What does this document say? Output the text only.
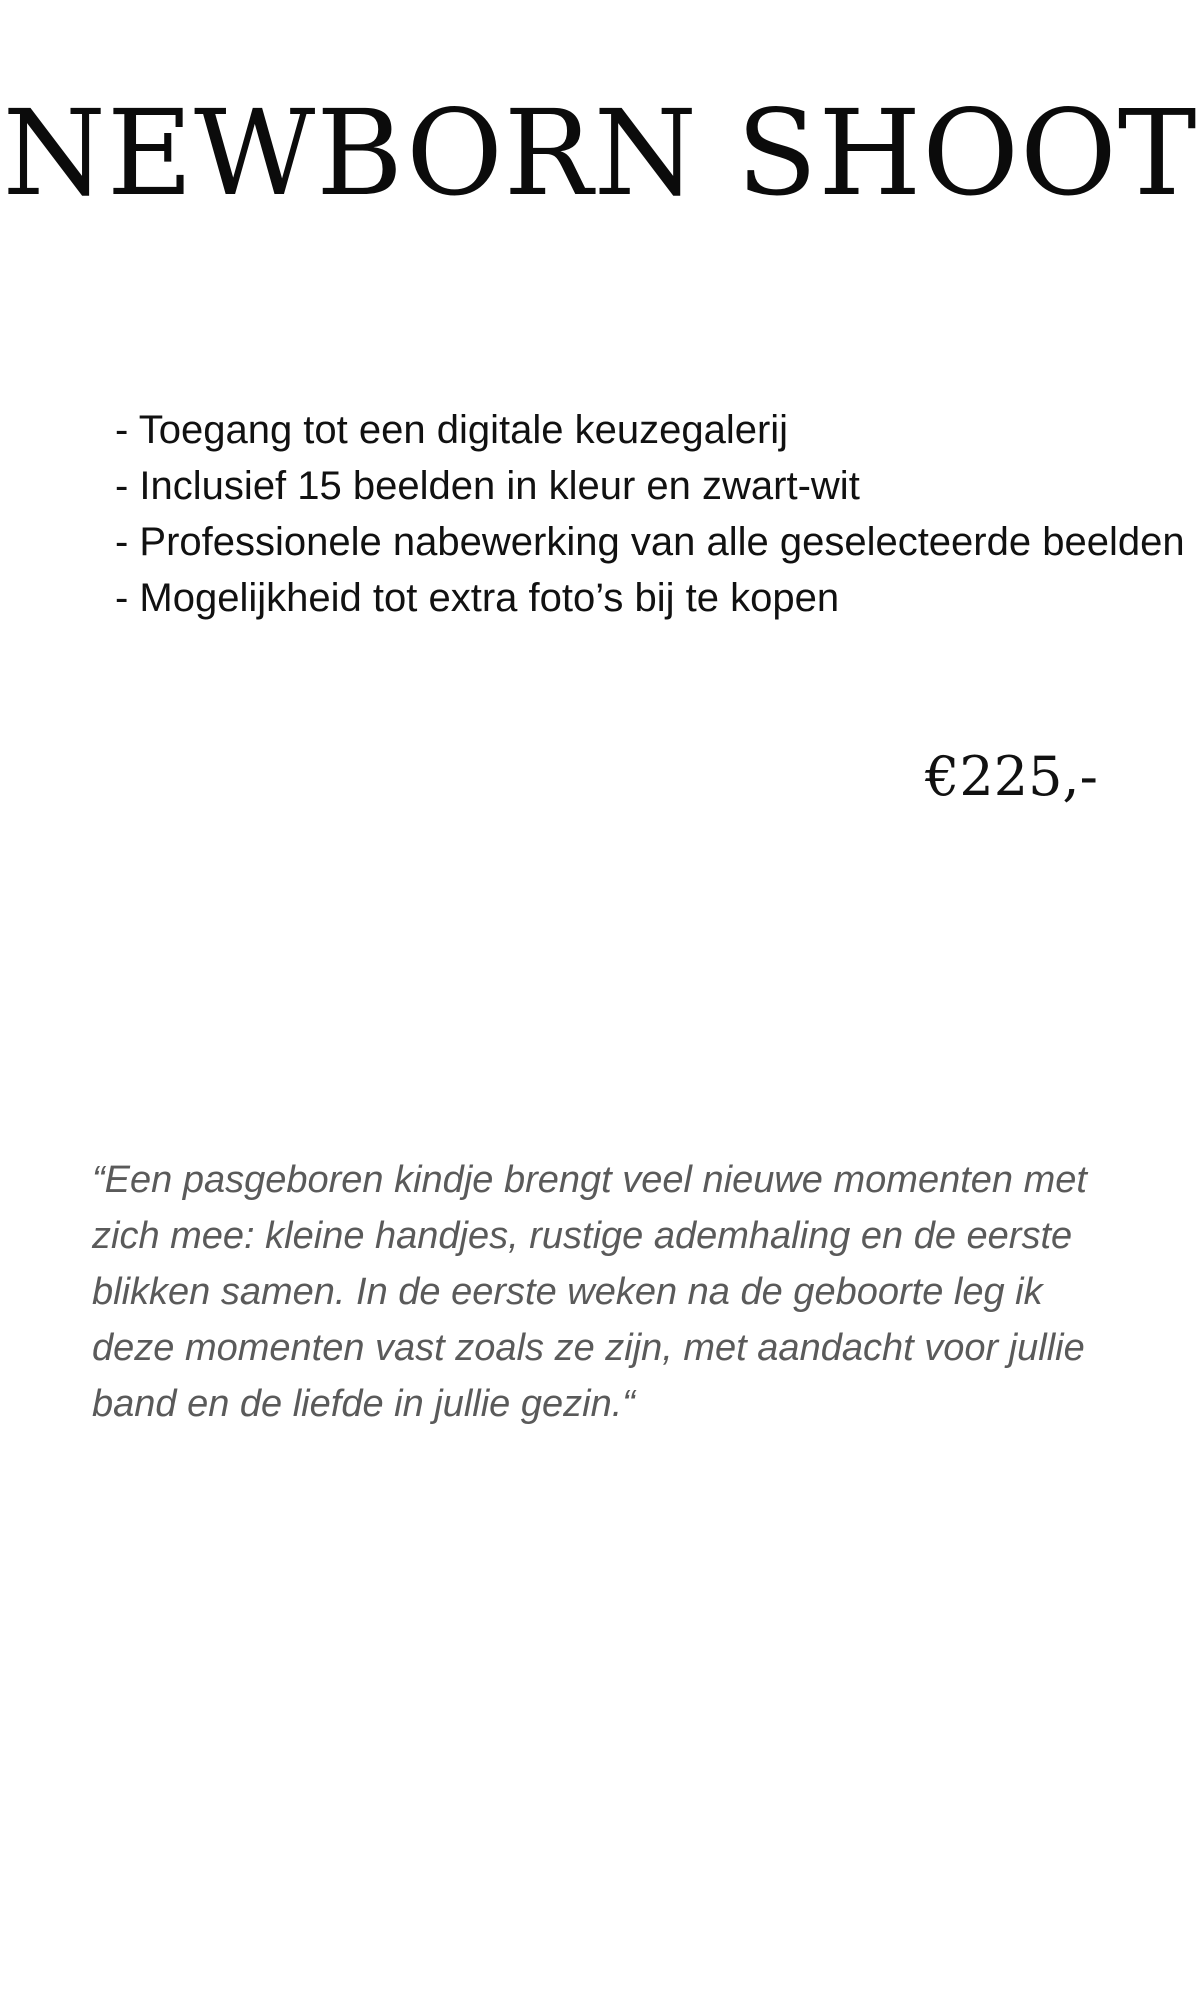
NEWBORN SHOOT
- Toegang tot een digitale keuzegalerij
- Inclusief 15 beelden in kleur en zwart-wit
- Professionele nabewerking van alle geselecteerde beelden
- Mogelijkheid tot extra foto’s bij te kopen
€225,-

“Een pasgeboren kindje brengt veel nieuwe momenten met zich mee: kleine handjes, rustige ademhaling en de eerste blikken samen. In de eerste weken na de geboorte leg ik deze momenten vast zoals ze zijn, met aandacht voor jullie band en de liefde in jullie gezin.“
